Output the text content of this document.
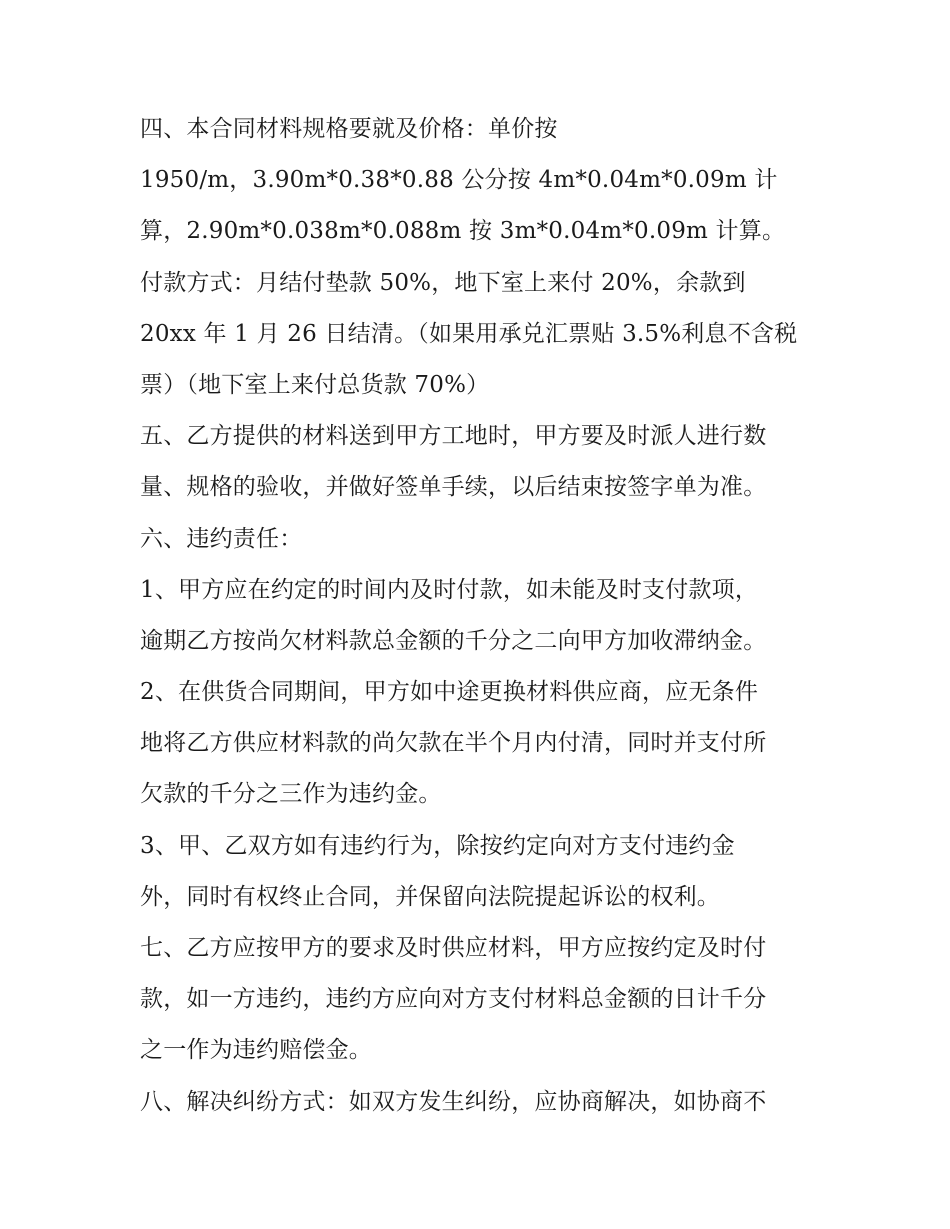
四、本合同材料规格要就及价格：单价按
1950/m，3.90m*0.38*0.88 公分按 4m*0.04m*0.09m 计
算，2.90m*0.038m*0.088m 按 3m*0.04m*0.09m 计算。
付款方式：月结付垫款 50%，地下室上来付 20%，余款到
20xx 年 1 月 26 日结清。（如果用承兑汇票贴 3.5%利息不含税
票）（地下室上来付总货款 70%）
五、乙方提供的材料送到甲方工地时，甲方要及时派人进行数
量、规格的验收，并做好签单手续，以后结束按签字单为准。
六、违约责任：
1、甲方应在约定的时间内及时付款，如未能及时支付款项，
逾期乙方按尚欠材料款总金额的千分之二向甲方加收滞纳金。
2、在供货合同期间，甲方如中途更换材料供应商，应无条件
地将乙方供应材料款的尚欠款在半个月内付清，同时并支付所
欠款的千分之三作为违约金。
3、甲、乙双方如有违约行为，除按约定向对方支付违约金
外，同时有权终止合同，并保留向法院提起诉讼的权利。
七、乙方应按甲方的要求及时供应材料，甲方应按约定及时付
款，如一方违约，违约方应向对方支付材料总金额的日计千分
之一作为违约赔偿金。
八、解决纠纷方式：如双方发生纠纷，应协商解决，如协商不
